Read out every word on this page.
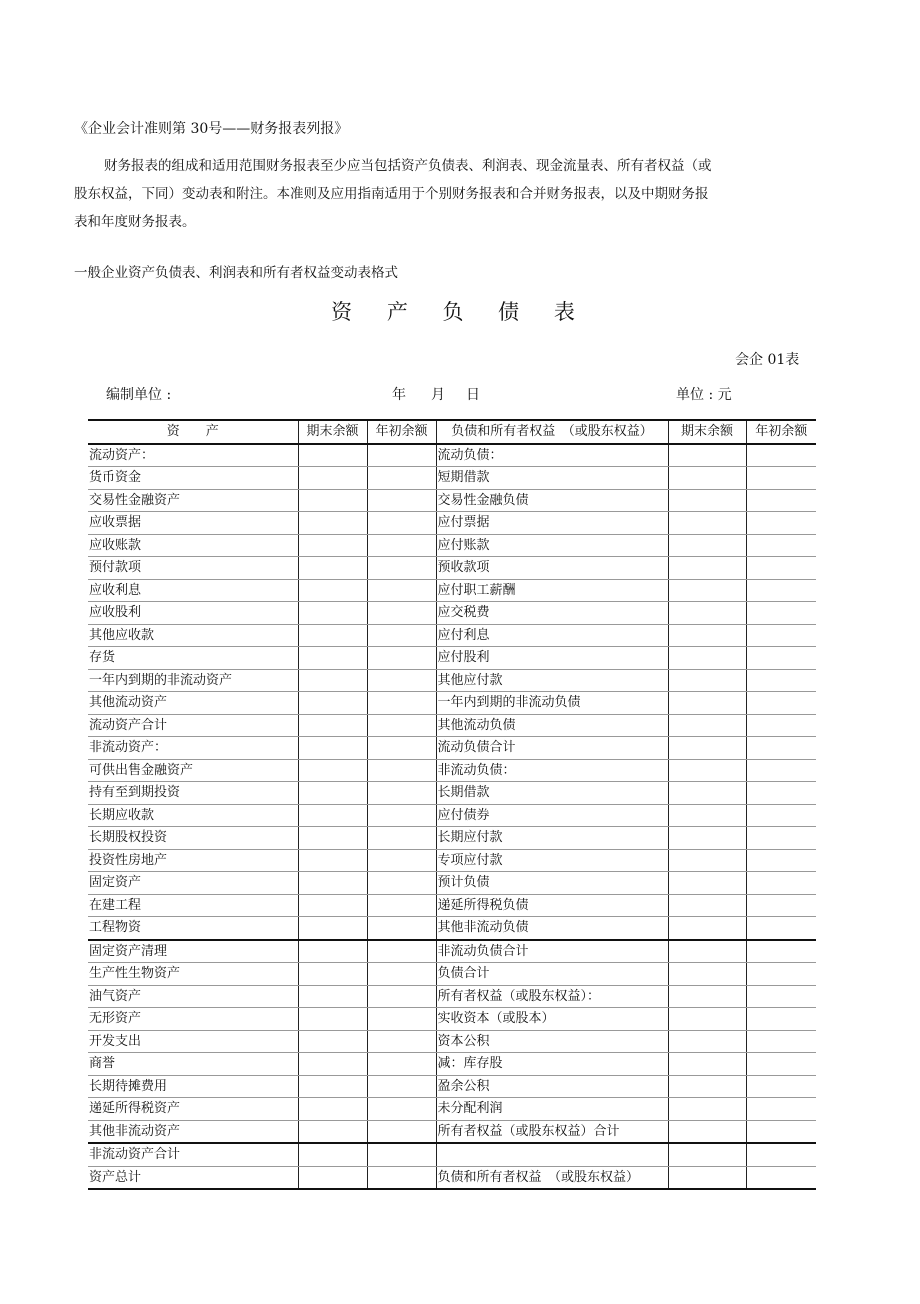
《企业会计准则第 30号——财务报表列报》
财务报表的组成和适用范围财务报表至少应当包括资产负债表、利润表、现金流量表、所有者权益（或
股东权益，下同）变动表和附注。本准则及应用指南适用于个别财务报表和合并财务报表，以及中期财务报
表和年度财务报表。
一般企业资产负债表、利润表和所有者权益变动表格式
资 产 负 债 表
会企 01表
编制单位 :	年 月 日	单位 : 元
资　　产	期末余额	年初余额	负债和所有者权益　（或股东权益）	期末余额	年初余额
流动资产：			流动负债：		
货币资金			短期借款		
交易性金融资产			交易性金融负债		
应收票据			应付票据		
应收账款			应付账款		
预付款项			预收款项		
应收利息			应付职工薪酬		
应收股利			应交税费		
其他应收款			应付利息		
存货			应付股利		
一年内到期的非流动资产			其他应付款		
其他流动资产			一年内到期的非流动负债		
流动资产合计			其他流动负债		
非流动资产：			流动负债合计		
可供出售金融资产			非流动负债：		
持有至到期投资			长期借款		
长期应收款			应付债券		
长期股权投资			长期应付款		
投资性房地产			专项应付款		
固定资产			预计负债		
在建工程			递延所得税负债		
工程物资			其他非流动负债		
固定资产清理			非流动负债合计		
生产性生物资产			负债合计		
油气资产			所有者权益（或股东权益）：		
无形资产			实收资本（或股本）		
开发支出			资本公积		
商誉			减：库存股		
长期待摊费用			盈余公积		
递延所得税资产			未分配利润		
其他非流动资产			所有者权益（或股东权益）合计		
非流动资产合计					
资产总计			负债和所有者权益　（或股东权益）		
